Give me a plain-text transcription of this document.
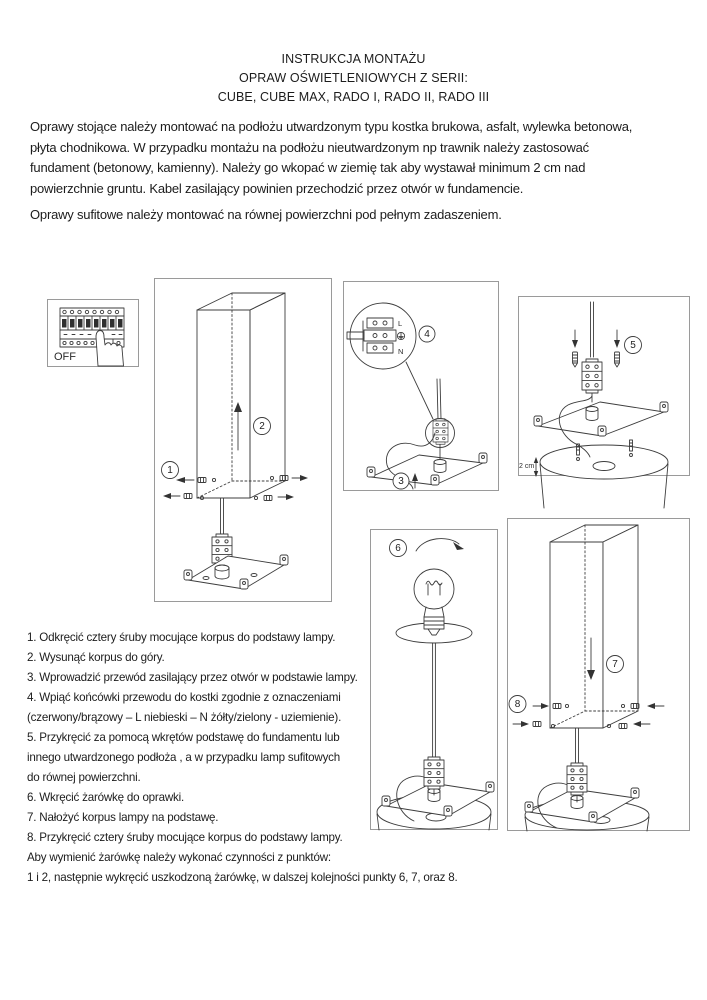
INSTRUKCJA MONTAŻU
OPRAW OŚWIETLENIOWYCH Z SERII:
CUBE, CUBE MAX, RADO I, RADO II, RADO III
Oprawy stojące należy montować na podłożu utwardzonym typu kostka brukowa, asfalt, wylewka betonowa,
płyta chodnikowa. W przypadku montażu na podłożu nieutwardzonym np trawnik należy zastosować
fundament (betonowy, kamienny). Należy go wkopać w ziemię tak aby wystawał minimum 2 cm nad
powierzchnie gruntu. Kabel zasilający powinien przechodzić przez otwór w fundamencie.
Oprawy sufitowe należy montować na równej powierzchni pod pełnym zadaszeniem.
OFF
1
2
L
N
3
4
2 cm
5
6
7
8
1. Odkręcić cztery śruby mocujące korpus do podstawy lampy.
2. Wysunąć korpus do góry.
3. Wprowadzić przewód zasilający przez otwór w podstawie lampy.
4. Wpiąć końcówki przewodu do kostki zgodnie z oznaczeniami
(czerwony/brązowy – L niebieski – N żółty/zielony - uziemienie).
5. Przykręcić za pomocą wkrętów podstawę do fundamentu lub
innego utwardzonego podłoża , a w przypadku lamp sufitowych
do równej powierzchni.
6. Wkręcić żarówkę do oprawki.
7. Nałożyć korpus lampy na podstawę.
8. Przykręcić cztery śruby mocujące korpus do podstawy lampy.
Aby wymienić żarówkę należy wykonać czynności z punktów:
1 i 2, następnie wykręcić uszkodzoną żarówkę, w dalszej kolejności punkty 6, 7, oraz 8.
